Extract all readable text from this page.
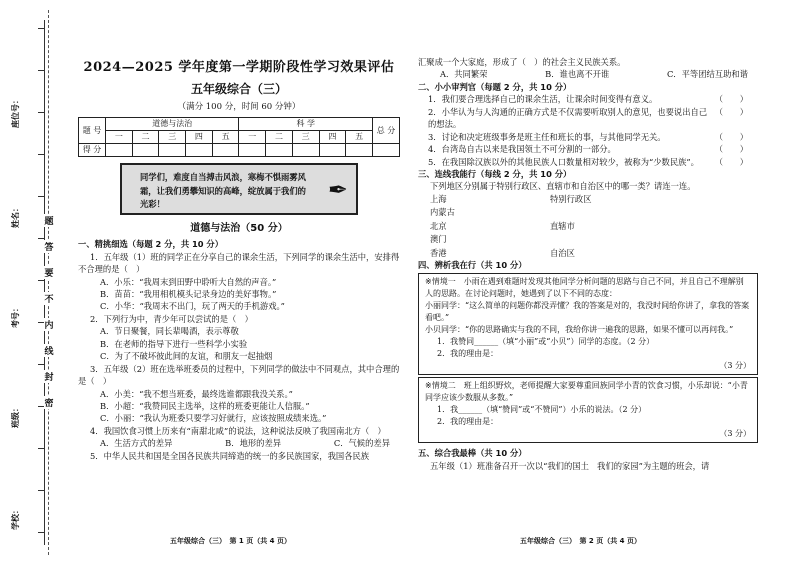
座位号：
姓名：
考号：
班级：
学校：
题
答
要
不
内
线
封
密
2024—2025 学年度第一学期阶段性学习效果评估
五年级综合（三）
（满分 100 分，时间 60 分钟）
题 号	道德与法治					科 学					总 分
	一	二	三	四	五	一	二	三	四	五	
得 分											
同学们，难度自当搏击风浪，寒梅不惧雨雾风霜，让我们勇攀知识的高峰，绽放属于我们的光彩！	✒
道德与法治（50 分）
一、精挑细选（每题 2 分，共 10 分）
1．五年级（1）班的同学正在分享自己的课余生活，下列同学的课余生活中，安排得不合理的是（　）
A．小乐：“我周末到田野中聆听大自然的声音。”
B．苗苗：“我用相机模头记录身边的美好事物。”
C．小华：“我周末不出门，玩了两天的手机游戏。”
2．下列行为中，青少年可以尝试的是（　）
A．节日聚餐，同长辈喝酒，表示尊敬
B．在老师的指导下进行一些科学小实验
C．为了不破坏彼此间的友谊，和朋友一起抽烟
3．五年级（2）班在选举班委员的过程中，下列同学的做法中不同观点，其中合理的是（　）
A．小美：“我不想当班委，最终选谁都跟我没关系。”
B．小超：“我赞同民主选举，这样的班委更能让人信服。”
C．小丽：“我认为班委只要学习好就行，应该按照成绩来选。”
4．我国饮食习惯上历来有“南甜北咸”的说法，这种说法反映了我国南北方（　）
A．生活方式的差异	B．地形的差异	C．气候的差异
5．中华人民共和国是全国各民族共同缔造的统一的多民族国家，我国各民族
汇聚成一个大家庭，形成了（　）的社会主义民族关系。
A．共同繁荣	B．谁也离不开谁	C．平等团结互助和谐
二、小小审判官（每题 2 分，共 10 分）
1．我们要合理选择自己的课余生活，让课余时间变得有意义。	（　　）
2．小华认为与人沟通的正确方式是不仅需要听取别人的意见，也要说出自己的想法。
（　　）
3．讨论和决定班级事务是班主任和班长的事，与其他同学无关。	（　　）
4．台湾岛自古以来是我国领土不可分割的一部分。	（　　）
5．在我国除汉族以外的其他民族人口数量相对较少，被称为“少数民族”。 （　　）
三、连线我能行（每线 2 分，共 10 分）
下列地区分别属于特别行政区、直辖市和自治区中的哪一类？请连一连。
上海	特别行政区
内蒙古
北京	直辖市
澳门
香港	自治区
四、辨析我在行（共 10 分）
※情境一　小雨在遇到难题时发现其他同学分析问题的思路与自己不同，并且自己不理解别人的思路。在讨论问题时，她遇到了以下不同的态度：
小丽同学：“这么简单的问题你都没弄懂？我的答案是对的，我没时间给你讲了，拿我的答案看吧。”
小贝同学：“你的思路确实与我的不同，我给你讲一遍我的思路，如果不懂可以再问我。”
1．我赞同______（填“小丽”或“小贝”）同学的态度。（2 分）
2．我的理由是：
（3 分）
※情境二　班上组织野炊，老师提醒大家要尊重回族同学小青的饮食习惯，小乐却说：“小青同学应该少数服从多数。”
1．我______（填“赞同”或“不赞同”）小乐的说法。（2 分）
2．我的理由是：
（3 分）
五、综合我最棒（共 10 分）
五年级（1）班准备召开一次以“我们的国土　我们的家园”为主题的班会，请
五年级综合（三）　第 1 页（共 4 页）	五年级综合（三）　第 2 页（共 4 页）
